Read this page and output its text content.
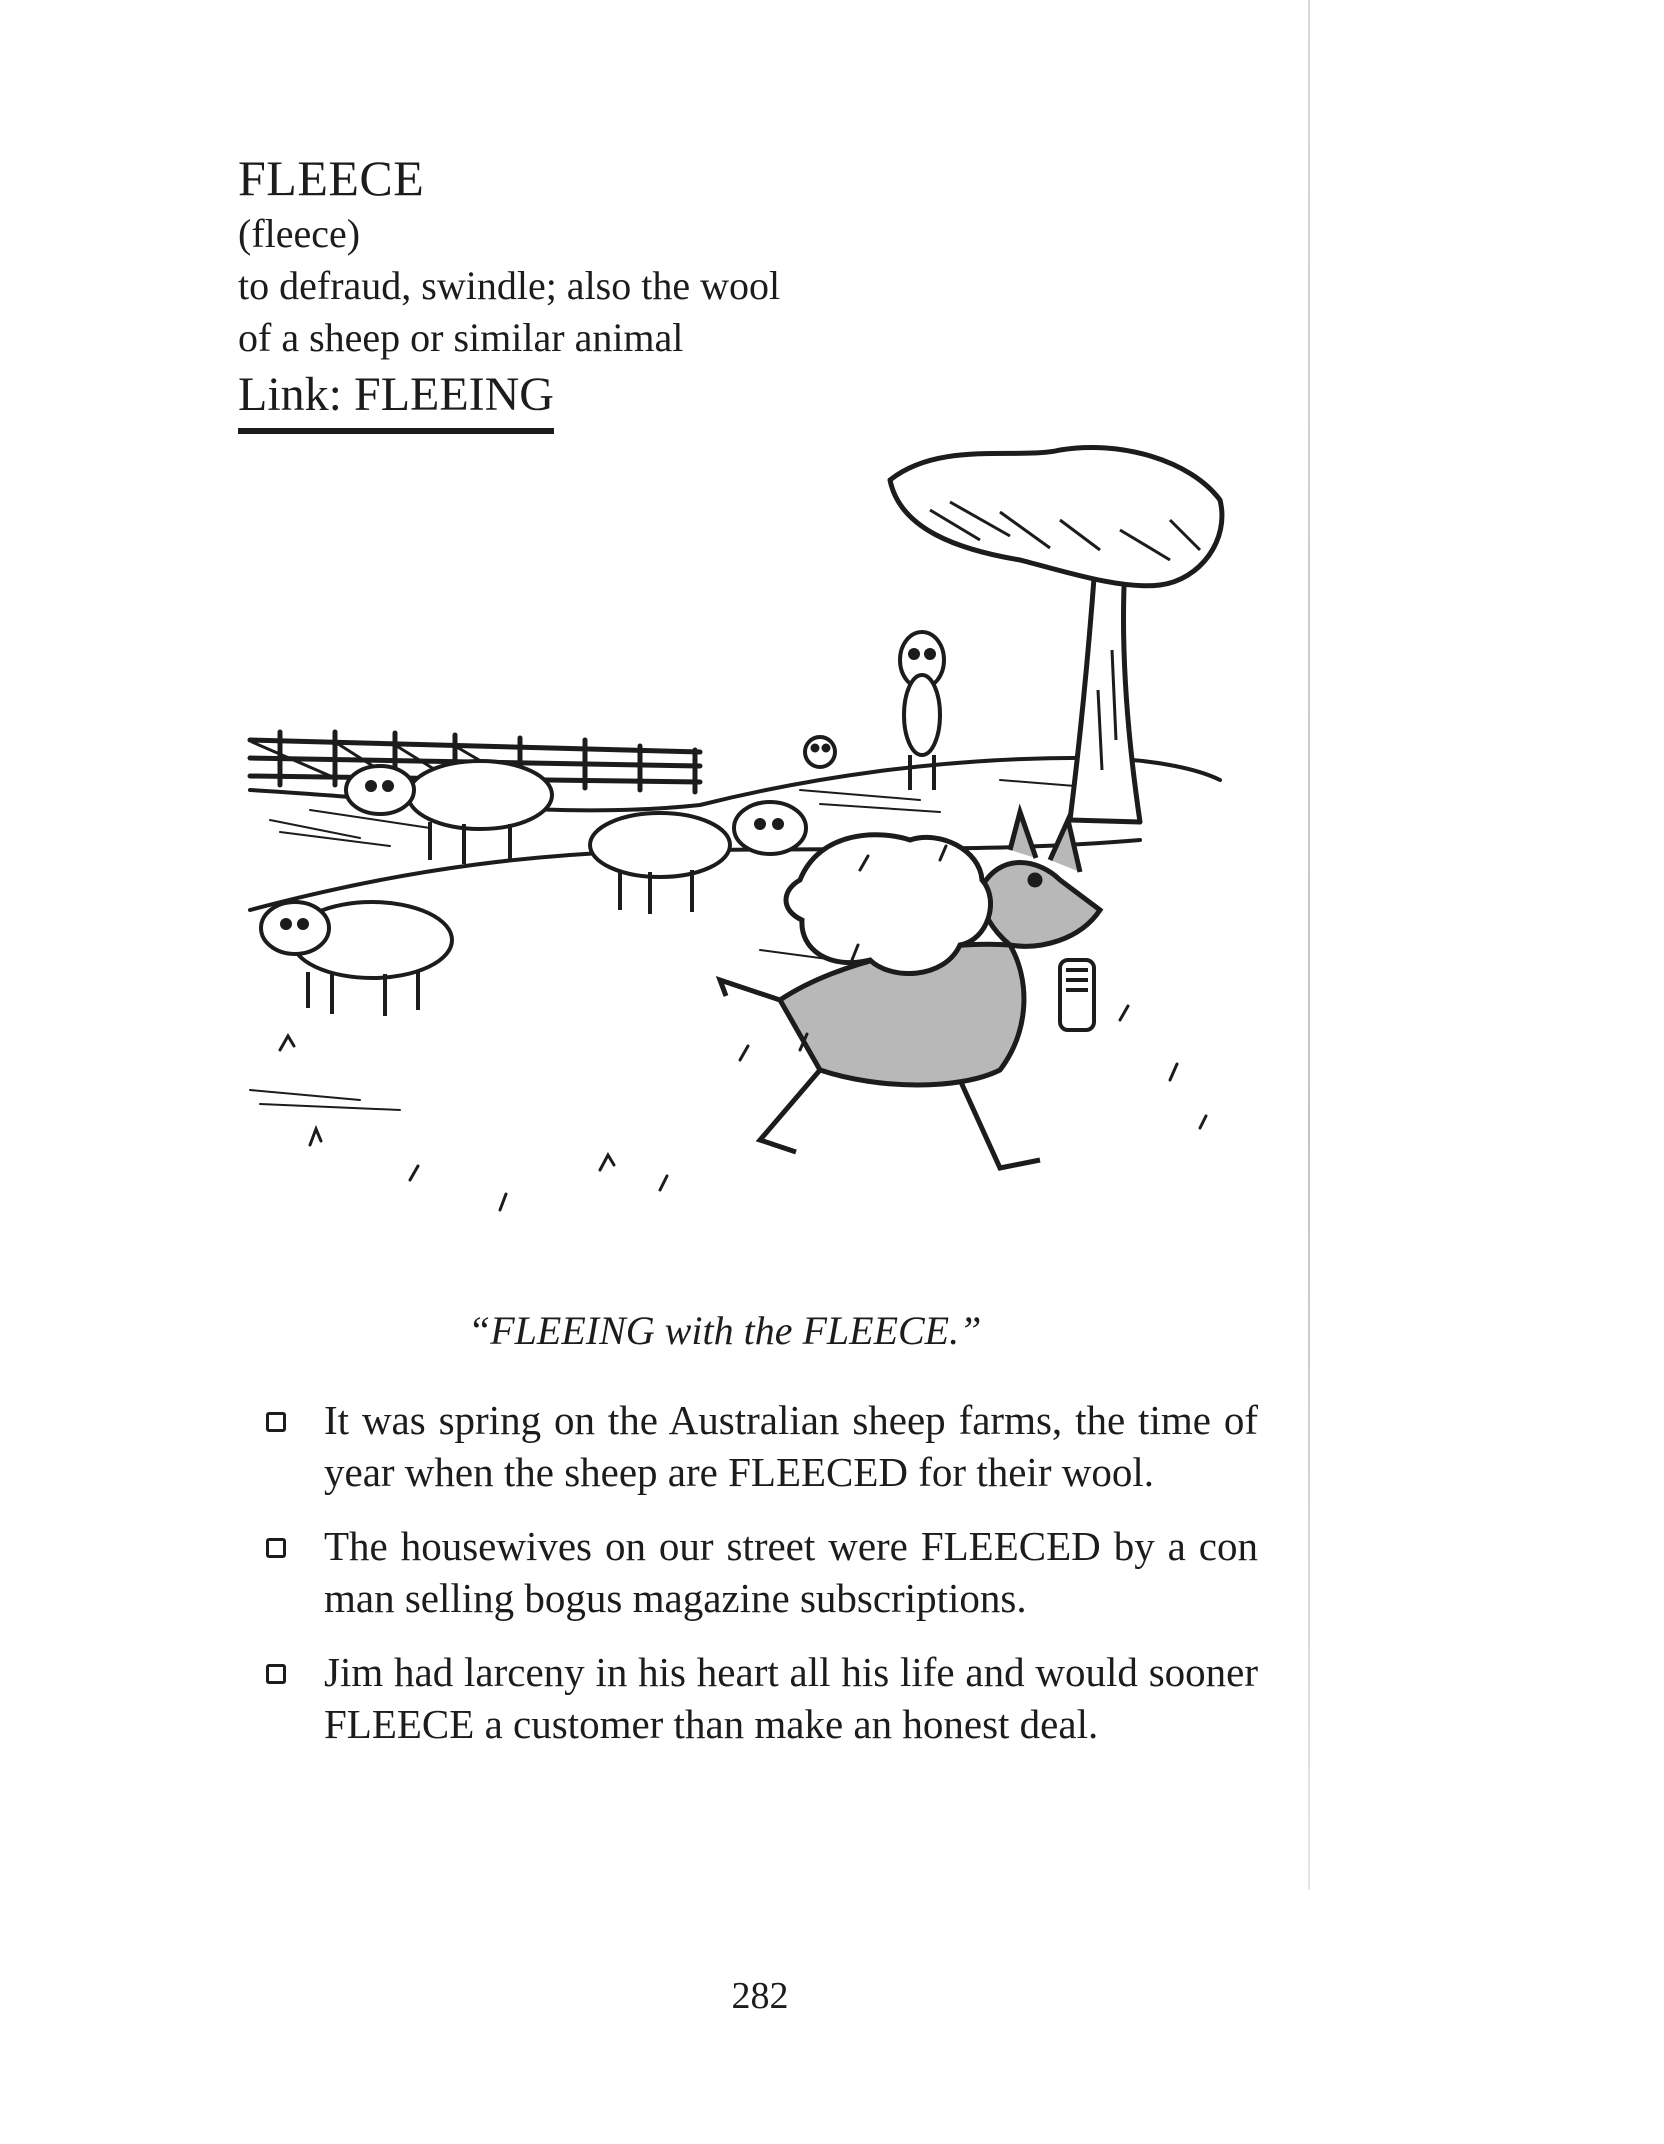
FLEECE
(fleece)
to defraud, swindle; also the wool
of a sheep or similar animal
Link: FLEEING
“FLEEING with the FLEECE.”
It was spring on the Australian sheep farms, the time of year when the sheep are FLEECED for their wool.
The housewives on our street were FLEECED by a con man selling bogus magazine subscriptions.
Jim had larceny in his heart all his life and would sooner FLEECE a customer than make an honest deal.
282
